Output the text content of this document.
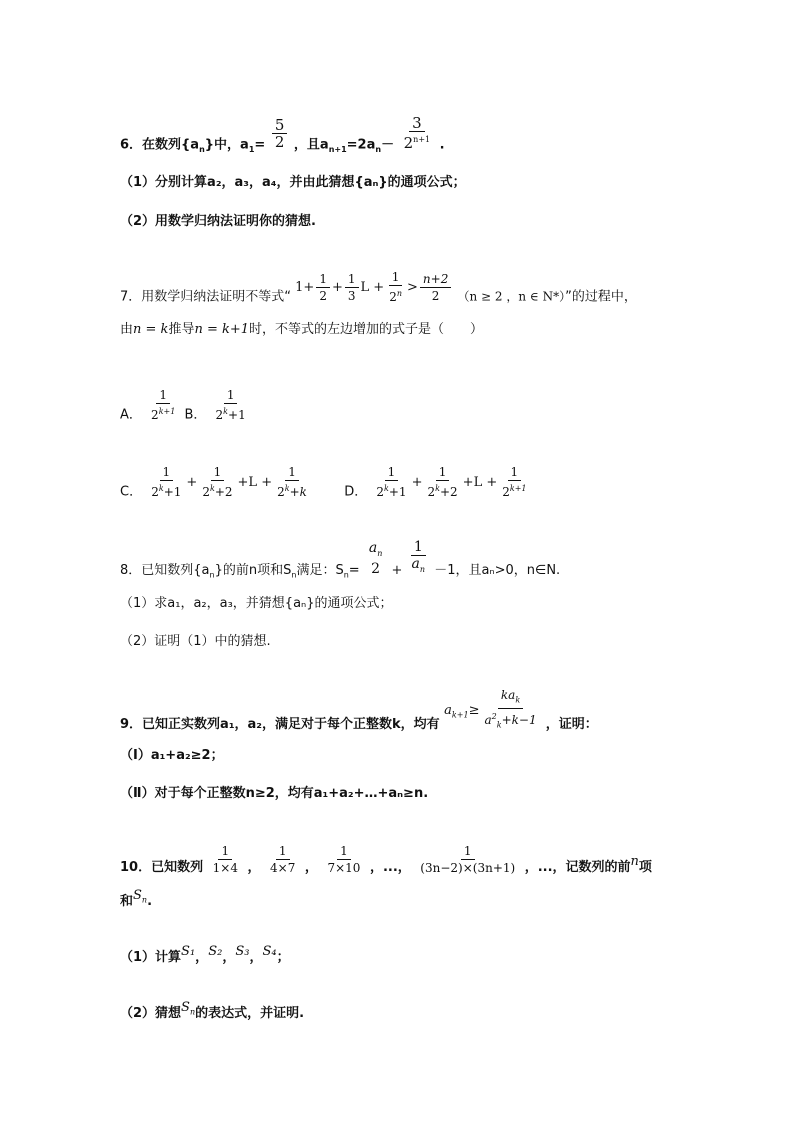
6．在数列$\{a_n\}$中，$a_1= \frac{5}{2}$ ，且$a_{n+1}=2a_n- \frac{3}{2^{n+1}}$ .
（1）分别计算a₂，a₃，a₄，并由此猜想{aₙ}的通项公式；
（2）用数学归纳法证明你的猜想.
7．用数学归纳法证明不等式“ $1+ \frac{1}{2} + \frac{1}{3}$ $L + \frac{1}{2^n} > \frac{n+2}{2} (n \ge 2$ ，n ∈ N*）”的过程中，
由n = k推导n = k+1时，不等式的左边增加的式子是（　　）
A． $\frac{1}{2^{k+1}}$ B． $\frac{1}{2^k+1}$
C． $\frac{1}{2^k+1} + \frac{1}{2^k+2} +L + \frac{1}{2^k+k}$	D． $\frac{1}{2^k+1} + \frac{1}{2^k+2} +L + \frac{1}{2^{k+1}}$
8．已知数列$\{a_n\}$的前n项和$S_n$满足：$S_n=$
$a_n$
$2 + \frac{1}{a_n} -1$，且aₙ>0，n∈N.
（1）求a₁，a₂，a₃，并猜想{aₙ}的通项公式；
（2）证明（1）中的猜想.
9．已知正实数列a₁，a₂，满足对于每个正整数k，均有 $a_{k+1}\ge \frac{ka_k}{a^2_k+k-1}$ ，证明：
（Ⅰ）a₁+a₂≥2；
（Ⅱ）对于每个正整数n≥2，均有a₁+a₂+…+aₙ≥n.
10．已知数列 $\frac{1}{1\times 4}$ ， $\frac{1}{4\times 7}$ ， $\frac{1}{7\times 10}$ ，...， $\frac{1}{(3n-2)\times(3n+1)}$ ，...，记数列的前n项
和$S_n$.
（1）计算S₁，S₂，S₃，S₄；
（2）猜想$S_n$的表达式，并证明.
